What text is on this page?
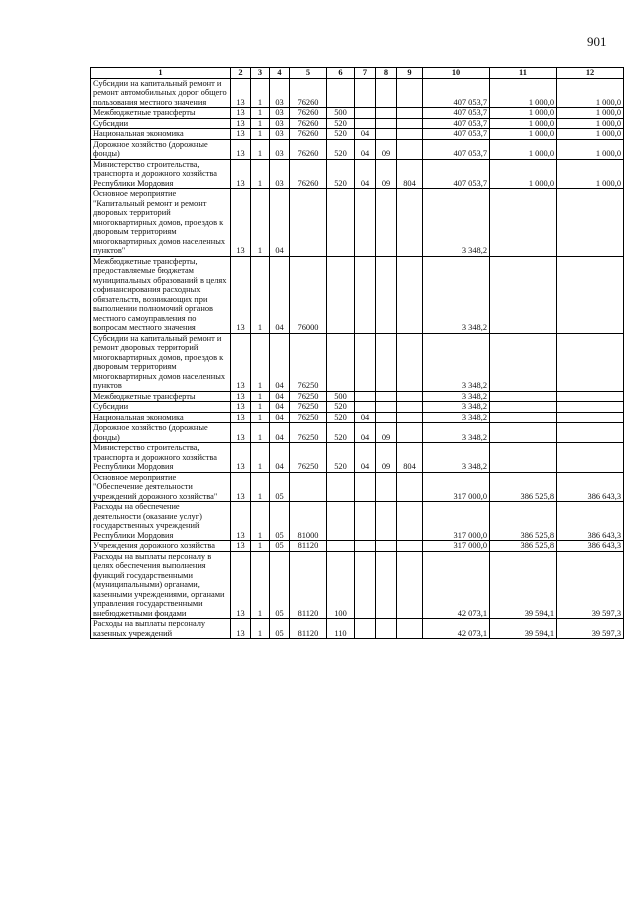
901
1	2	3	4	5	6	7	8	9	10	11	12
Субсидии на капитальный ремонт и ремонт автомобильных дорог общего пользования местного значения	13	1	03	76260					407 053,7	1 000,0	1 000,0
Межбюджетные трансферты	13	1	03	76260	500				407 053,7	1 000,0	1 000,0
Субсидии	13	1	03	76260	520				407 053,7	1 000,0	1 000,0
Национальная экономика	13	1	03	76260	520	04			407 053,7	1 000,0	1 000,0
Дорожное хозяйство (дорожные фонды)	13	1	03	76260	520	04	09		407 053,7	1 000,0	1 000,0
Министерство строительства, транспорта и дорожного хозяйства Республики Мордовия	13	1	03	76260	520	04	09	804	407 053,7	1 000,0	1 000,0
Основное мероприятие "Капитальный ремонт и ремонт дворовых территорий многоквартирных домов, проездов к дворовым территориям многоквартирных домов населенных пунктов"	13	1	04						3 348,2		
Межбюджетные трансферты, предоставляемые бюджетам муниципальных образований в целях софинансирования расходных обязательств, возникающих при выполнении полномочий органов местного самоуправления по вопросам местного значения	13	1	04	76000					3 348,2		
Субсидии на капитальный ремонт и ремонт дворовых территорий многоквартирных домов, проездов к дворовым территориям многоквартирных домов населенных пунктов	13	1	04	76250					3 348,2		
Межбюджетные трансферты	13	1	04	76250	500				3 348,2		
Субсидии	13	1	04	76250	520				3 348,2		
Национальная экономика	13	1	04	76250	520	04			3 348,2		
Дорожное хозяйство (дорожные фонды)	13	1	04	76250	520	04	09		3 348,2		
Министерство строительства, транспорта и дорожного хозяйства Республики Мордовия	13	1	04	76250	520	04	09	804	3 348,2		
Основное мероприятие "Обеспечение деятельности учреждений дорожного хозяйства"	13	1	05						317 000,0	386 525,8	386 643,3
Расходы на обеспечение деятельности (оказание услуг) государственных учреждений Республики Мордовия	13	1	05	81000					317 000,0	386 525,8	386 643,3
Учреждения дорожного хозяйства	13	1	05	81120					317 000,0	386 525,8	386 643,3
Расходы на выплаты персоналу в целях обеспечения выполнения функций государственными (муниципальными) органами, казенными учреждениями, органами управления государственными внебюджетными фондами	13	1	05	81120	100				42 073,1	39 594,1	39 597,3
Расходы на выплаты персоналу казенных учреждений	13	1	05	81120	110				42 073,1	39 594,1	39 597,3
